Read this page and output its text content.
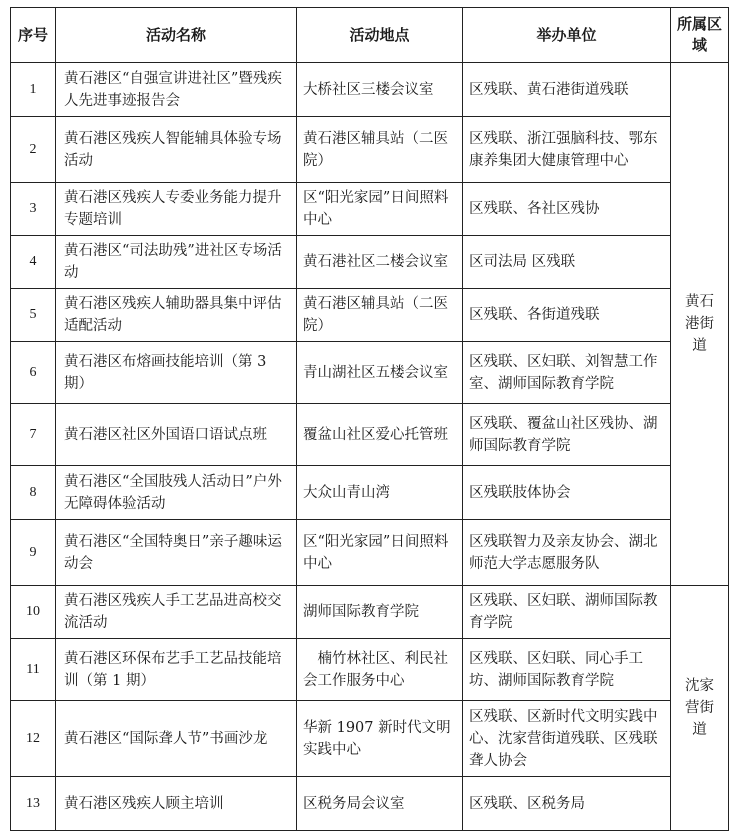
序号	活动名称	活动地点	举办单位	所属区域
1	黄石港区“自强宣讲进社区”暨残疾人先进事迹报告会	大桥社区三楼会议室	区残联、黄石港街道残联	黄石港街道
2	黄石港区残疾人智能辅具体验专场活动	黄石港区辅具站（二医院）	区残联、浙江强脑科技、鄂东康养集团大健康管理中心	
3	黄石港区残疾人专委业务能力提升专题培训	区“阳光家园”日间照料中心	区残联、各社区残协	
4	黄石港区“司法助残”进社区专场活动	黄石港社区二楼会议室	区司法局 区残联	
5	黄石港区残疾人辅助器具集中评估适配活动	黄石港区辅具站（二医院）	区残联、各街道残联	
6	黄石港区布熔画技能培训（第 3 期）	青山湖社区五楼会议室	区残联、区妇联、刘智慧工作室、湖师国际教育学院	
7	黄石港区社区外国语口语试点班	覆盆山社区爱心托管班	区残联、覆盆山社区残协、湖师国际教育学院	
8	黄石港区“全国肢残人活动日”户外无障碍体验活动	大众山青山湾	区残联肢体协会	
9	黄石港区“全国特奥日”亲子趣味运动会	区“阳光家园”日间照料中心	区残联智力及亲友协会、湖北师范大学志愿服务队	
10	黄石港区残疾人手工艺品进高校交流活动	湖师国际教育学院	区残联、区妇联、湖师国际教育学院	沈家营街道
11	黄石港区环保布艺手工艺品技能培训（第 1 期）	　楠竹林社区、利民社会工作服务中心	区残联、区妇联、同心手工坊、湖师国际教育学院	
12	黄石港区“国际聋人节”书画沙龙	华新 1907 新时代文明实践中心	区残联、区新时代文明实践中心、沈家营街道残联、区残联聋人协会	
13	黄石港区残疾人顾主培训	区税务局会议室	区残联、区税务局	
